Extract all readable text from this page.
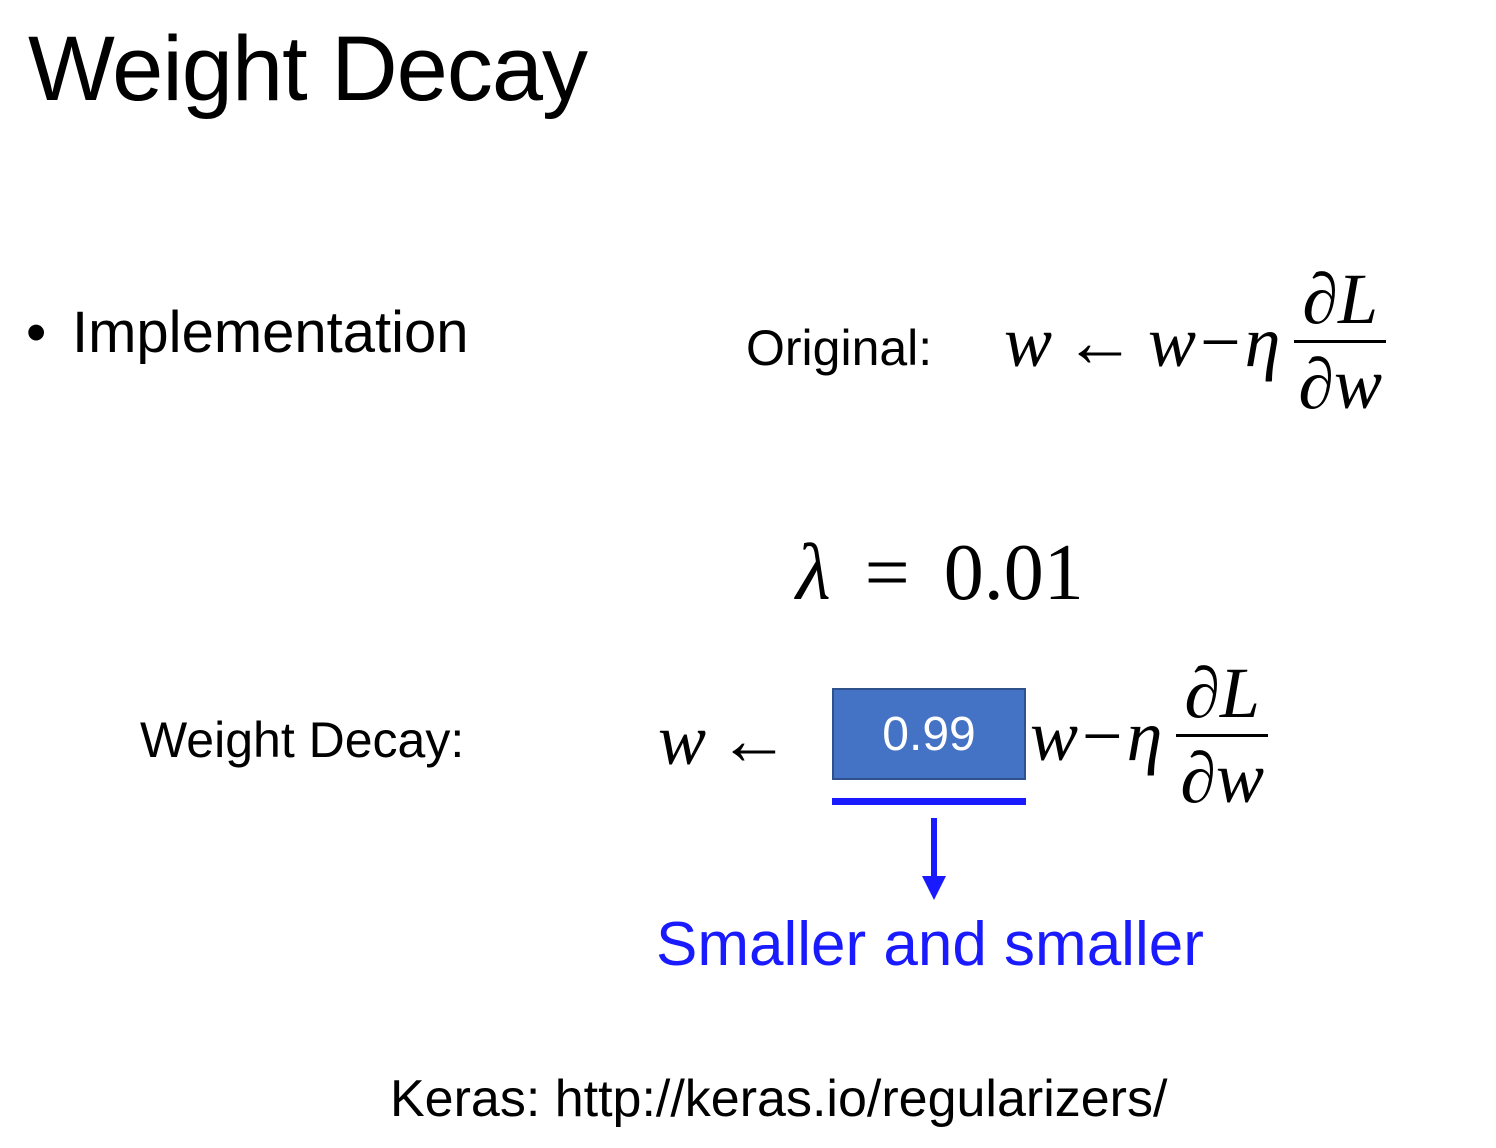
Weight Decay
• Implementation	Original: w ← w − η $\frac{\partial L}{\partial w}$
λ = 0.01
Weight Decay:	w ←	0.99 w − η $\frac{\partial L}{\partial w}$
Smaller and smaller
Keras: http://keras.io/regularizers/
